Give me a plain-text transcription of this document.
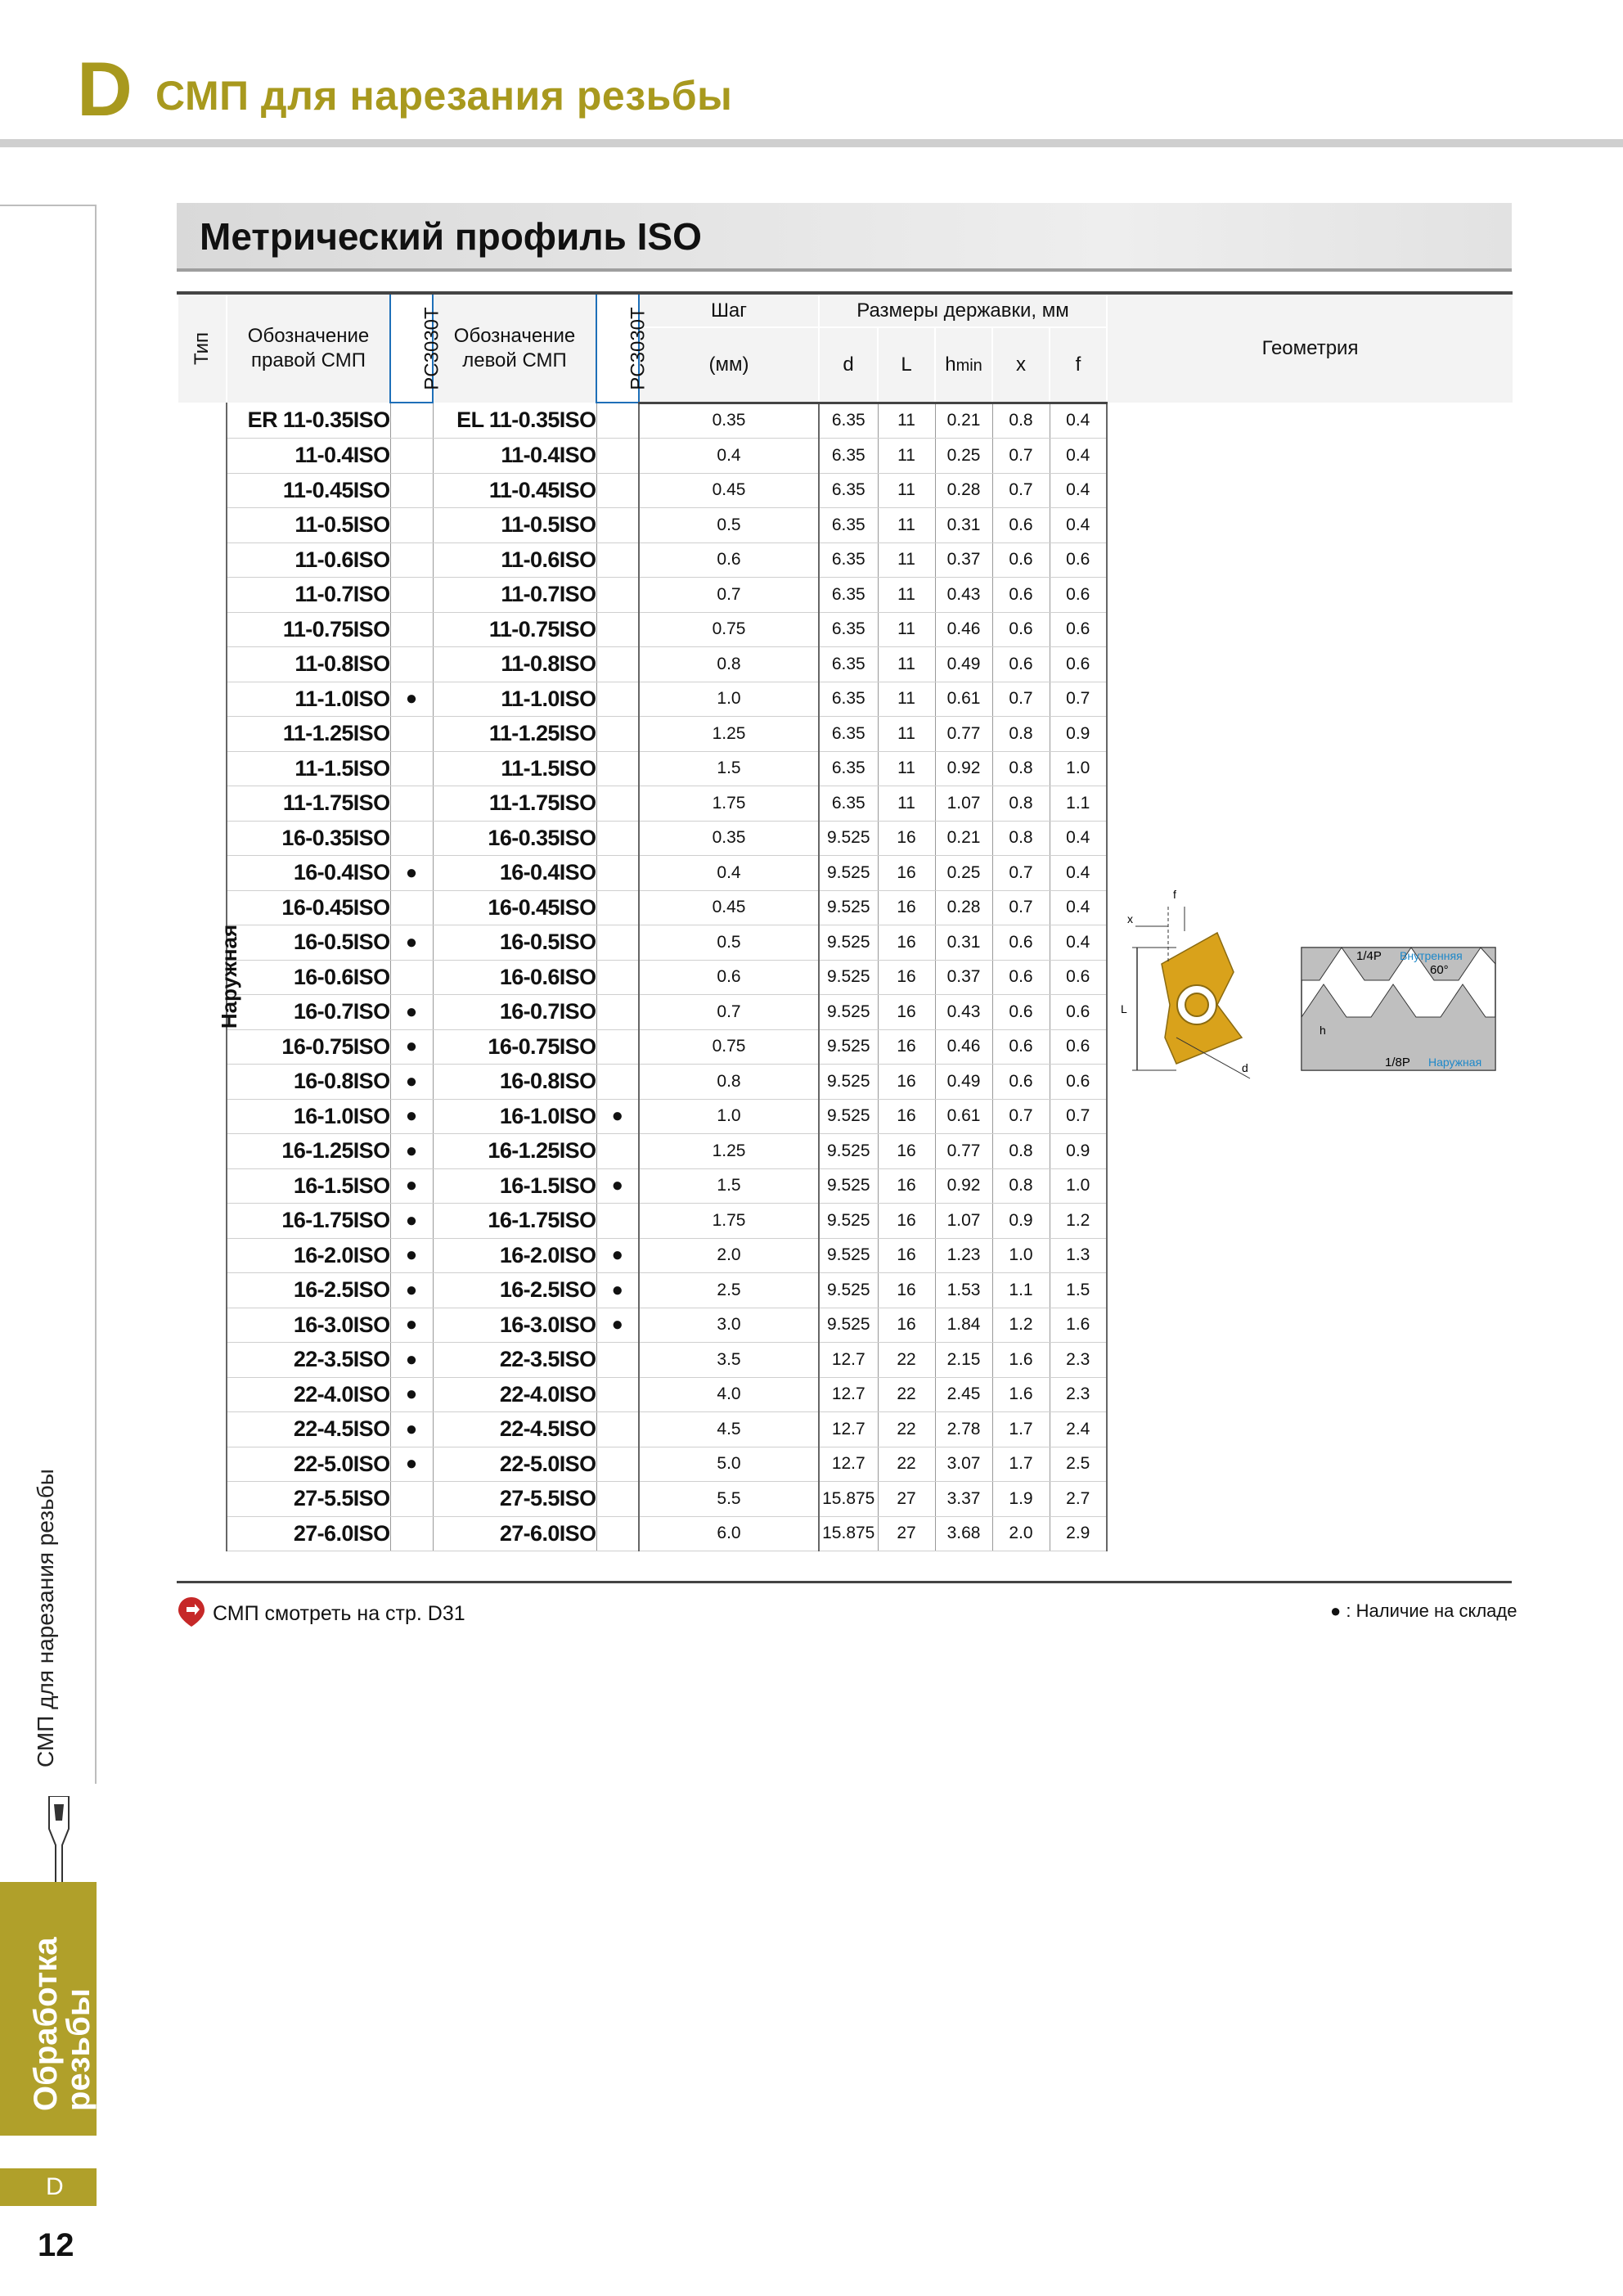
D СМП для нарезания резьбы
СМП для нарезания резьбы
Обработка резьбы
D
12
Метрический профиль ISO
Тип	Обозначение правой СМП	PC3030T	Обозначение левой СМП	PC3030T	Шаг	Размеры державки, мм					Геометрия
					(мм)	d	L	hmin	x	f	
Наружная	ER 11-0.35ISO		EL 11-0.35ISO		0.35	6.35	11	0.21	0.8	0.4	
	11-0.4ISO		11-0.4ISO		0.4	6.35	11	0.25	0.7	0.4	
	11-0.45ISO		11-0.45ISO		0.45	6.35	11	0.28	0.7	0.4	
	11-0.5ISO		11-0.5ISO		0.5	6.35	11	0.31	0.6	0.4	
	11-0.6ISO		11-0.6ISO		0.6	6.35	11	0.37	0.6	0.6	
	11-0.7ISO		11-0.7ISO		0.7	6.35	11	0.43	0.6	0.6	
	11-0.75ISO		11-0.75ISO		0.75	6.35	11	0.46	0.6	0.6	
	11-0.8ISO		11-0.8ISO		0.8	6.35	11	0.49	0.6	0.6	
	11-1.0ISO	●	11-1.0ISO		1.0	6.35	11	0.61	0.7	0.7	
	11-1.25ISO		11-1.25ISO		1.25	6.35	11	0.77	0.8	0.9	
	11-1.5ISO		11-1.5ISO		1.5	6.35	11	0.92	0.8	1.0	
	11-1.75ISO		11-1.75ISO		1.75	6.35	11	1.07	0.8	1.1	
	16-0.35ISO		16-0.35ISO		0.35	9.525	16	0.21	0.8	0.4	
	16-0.4ISO	●	16-0.4ISO		0.4	9.525	16	0.25	0.7	0.4	
	16-0.45ISO		16-0.45ISO		0.45	9.525	16	0.28	0.7	0.4	
	16-0.5ISO	●	16-0.5ISO		0.5	9.525	16	0.31	0.6	0.4	
	16-0.6ISO		16-0.6ISO		0.6	9.525	16	0.37	0.6	0.6	
	16-0.7ISO	●	16-0.7ISO		0.7	9.525	16	0.43	0.6	0.6	
	16-0.75ISO	●	16-0.75ISO		0.75	9.525	16	0.46	0.6	0.6	
	16-0.8ISO	●	16-0.8ISO		0.8	9.525	16	0.49	0.6	0.6	
	16-1.0ISO	●	16-1.0ISO	●	1.0	9.525	16	0.61	0.7	0.7	
	16-1.25ISO	●	16-1.25ISO		1.25	9.525	16	0.77	0.8	0.9	
	16-1.5ISO	●	16-1.5ISO	●	1.5	9.525	16	0.92	0.8	1.0	
	16-1.75ISO	●	16-1.75ISO		1.75	9.525	16	1.07	0.9	1.2	
	16-2.0ISO	●	16-2.0ISO	●	2.0	9.525	16	1.23	1.0	1.3	
	16-2.5ISO	●	16-2.5ISO	●	2.5	9.525	16	1.53	1.1	1.5	
	16-3.0ISO	●	16-3.0ISO	●	3.0	9.525	16	1.84	1.2	1.6	
	22-3.5ISO	●	22-3.5ISO		3.5	12.7	22	2.15	1.6	2.3	
	22-4.0ISO	●	22-4.0ISO		4.0	12.7	22	2.45	1.6	2.3	
	22-4.5ISO	●	22-4.5ISO		4.5	12.7	22	2.78	1.7	2.4	
	22-5.0ISO	●	22-5.0ISO		5.0	12.7	22	3.07	1.7	2.5	
	27-5.5ISO		27-5.5ISO		5.5	15.875	27	3.37	1.9	2.7	
	27-6.0ISO		27-6.0ISO		6.0	15.875	27	3.68	2.0	2.9	
f
x
L
d
1/4P Внутренняя
60°
h
1/8P Наружная
СМП смотреть на стр. D31	● : Наличие на складе
